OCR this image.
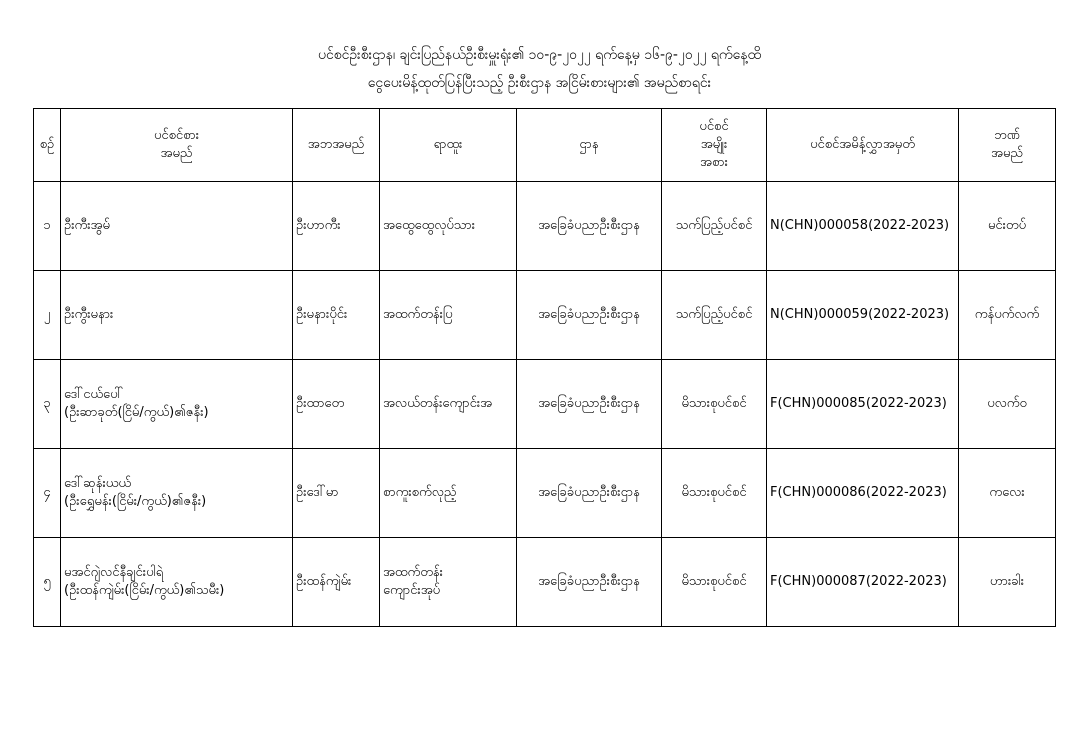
ပင်စင်ဦးစီးဌာန၊ ချင်းပြည်နယ်ဦးစီးမှူးရုံး၏ ၁၀-၉-၂၀၂၂ ရက်နေ့မှ ၁၆-၉-၂၀၂၂ ရက်နေ့ထိ
ငွေပေးမိန့်ထုတ်ပြန်ပြီးသည့် ဦးစီးဌာန အငြိမ်းစားများ၏ အမည်စာရင်း
စဉ်	ပင်စင်စား
အမည်	အဘအမည်	ရာထူး	ဌာန	ပင်စင်
အမျိုး
အစား	ပင်စင်အမိန့်လွှာအမှတ်	ဘဏ်
အမည်
၁	ဦးကီးအွမ်	ဦးဟာကီး	အထွေထွေလုပ်သား	အခြေခံပညာဦးစီးဌာန	သက်ပြည့်ပင်စင်	N(CHN)000058(2022-2023)	မင်းတပ်
၂	ဦးကွီးမနား	ဦးမနားပိုင်း	အထက်တန်းပြ	အခြေခံပညာဦးစီးဌာန	သက်ပြည့်ပင်စင်	N(CHN)000059(2022-2023)	ကန်ပက်လက်
၃	ဒေါ်ငယ်ပေါ်
(ဦးဆာခုတ်(ငြိမ်/ကွယ်)၏ဇနီး)	ဦးထာတေ	အလယ်တန်းကျောင်းအ	အခြေခံပညာဦးစီးဌာန	မိသားစုပင်စင်	F(CHN)000085(2022-2023)	ပလက်ဝ
၄	ဒေါ်ဆုန်းယယ်
(ဦးရွှေမန်း(ငြိမ်း/ကွယ်)၏ဇနီး)	ဦးဒေါ်မာ	စာကူးစက်လုည့်	အခြေခံပညာဦးစီးဌာန	မိသားစုပင်စင်	F(CHN)000086(2022-2023)	ကလေး
၅	မအင်ဂျဲလင်နီချင်းပါရဲ
(ဦးထန်ကျဲမ်း(ငြိမ်း/ကွယ်)၏သမီး)	ဦးထန်ကျဲမ်း	အထက်တန်း
ကျောင်းအုပ်	အခြေခံပညာဦးစီးဌာန	မိသားစုပင်စင်	F(CHN)000087(2022-2023)	ဟားခါး
